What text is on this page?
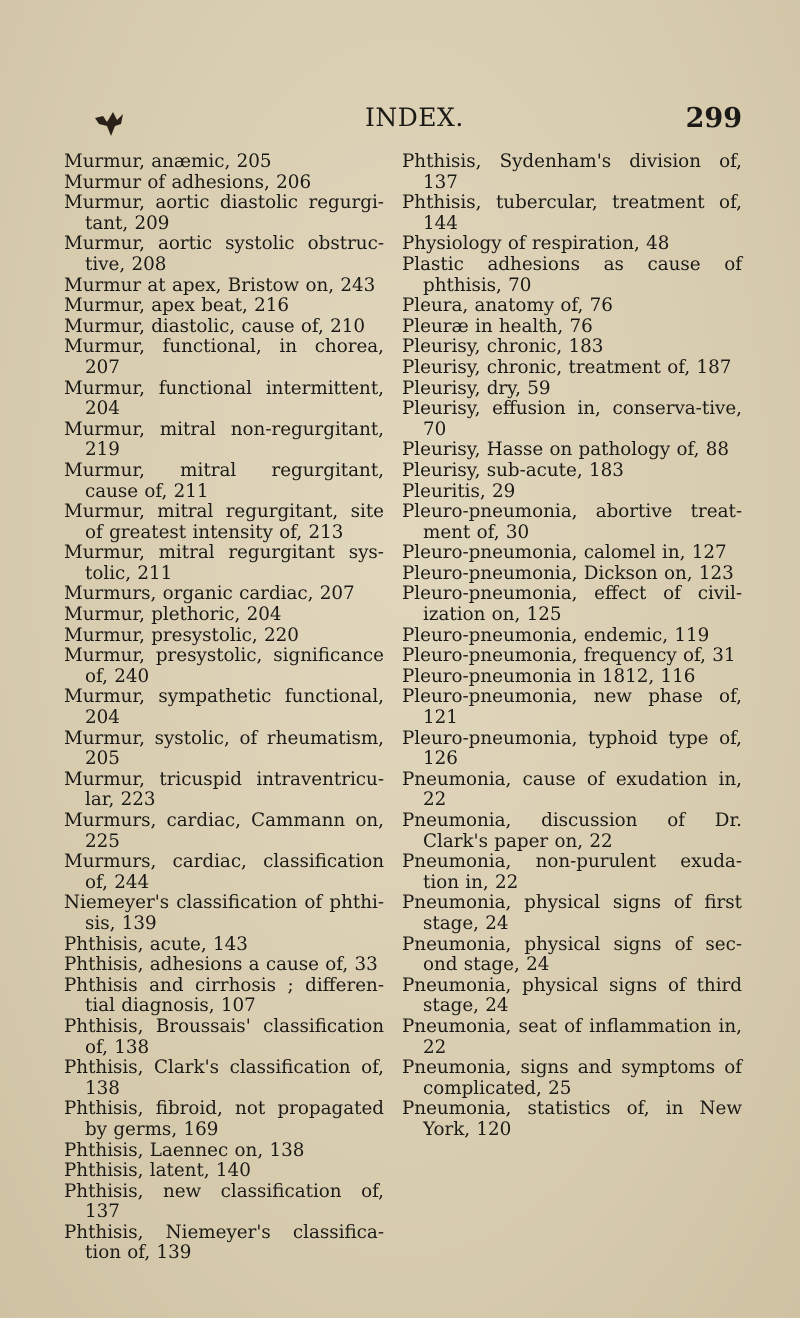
INDEX.	299
Murmur, anæmic, 205
Murmur of adhesions, 206
Murmur, aortic diastolic regurgi-tant, 209
Murmur, aortic systolic obstruc-tive, 208
Murmur at apex, Bristow on, 243
Murmur, apex beat, 216
Murmur, diastolic, cause of, 210
Murmur, functional, in chorea, 207
Murmur, functional intermittent, 204
Murmur, mitral non-regurgitant, 219
Murmur, mitral regurgitant, cause of, 211
Murmur, mitral regurgitant, site of greatest intensity of, 213
Murmur, mitral regurgitant sys-tolic, 211
Murmurs, organic cardiac, 207
Murmur, plethoric, 204
Murmur, presystolic, 220
Murmur, presystolic, significance of, 240
Murmur, sympathetic functional, 204
Murmur, systolic, of rheumatism, 205
Murmur, tricuspid intraventricu-lar, 223
Murmurs, cardiac, Cammann on, 225
Murmurs, cardiac, classification of, 244
Niemeyer's classification of phthi-sis, 139
Phthisis, acute, 143
Phthisis, adhesions a cause of, 33
Phthisis and cirrhosis ; differen-tial diagnosis, 107
Phthisis, Broussais' classification of, 138
Phthisis, Clark's classification of, 138
Phthisis, fibroid, not propagated by germs, 169
Phthisis, Laennec on, 138
Phthisis, latent, 140
Phthisis, new classification of, 137
Phthisis, Niemeyer's classifica-tion of, 139
Phthisis, Sydenham's division of, 137
Phthisis, tubercular, treatment of, 144
Physiology of respiration, 48
Plastic adhesions as cause of phthisis, 70
Pleura, anatomy of, 76
Pleuræ in health, 76
Pleurisy, chronic, 183
Pleurisy, chronic, treatment of, 187
Pleurisy, dry, 59
Pleurisy, effusion in, conserva-tive, 70
Pleurisy, Hasse on pathology of, 88
Pleurisy, sub-acute, 183
Pleuritis, 29
Pleuro-pneumonia, abortive treat-ment of, 30
Pleuro-pneumonia, calomel in, 127
Pleuro-pneumonia, Dickson on, 123
Pleuro-pneumonia, effect of civil-ization on, 125
Pleuro-pneumonia, endemic, 119
Pleuro-pneumonia, frequency of, 31
Pleuro-pneumonia in 1812, 116
Pleuro-pneumonia, new phase of, 121
Pleuro-pneumonia, typhoid type of, 126
Pneumonia, cause of exudation in, 22
Pneumonia, discussion of Dr. Clark's paper on, 22
Pneumonia, non-purulent exuda-tion in, 22
Pneumonia, physical signs of first stage, 24
Pneumonia, physical signs of sec-ond stage, 24
Pneumonia, physical signs of third stage, 24
Pneumonia, seat of inflammation in, 22
Pneumonia, signs and symptoms of complicated, 25
Pneumonia, statistics of, in New York, 120
